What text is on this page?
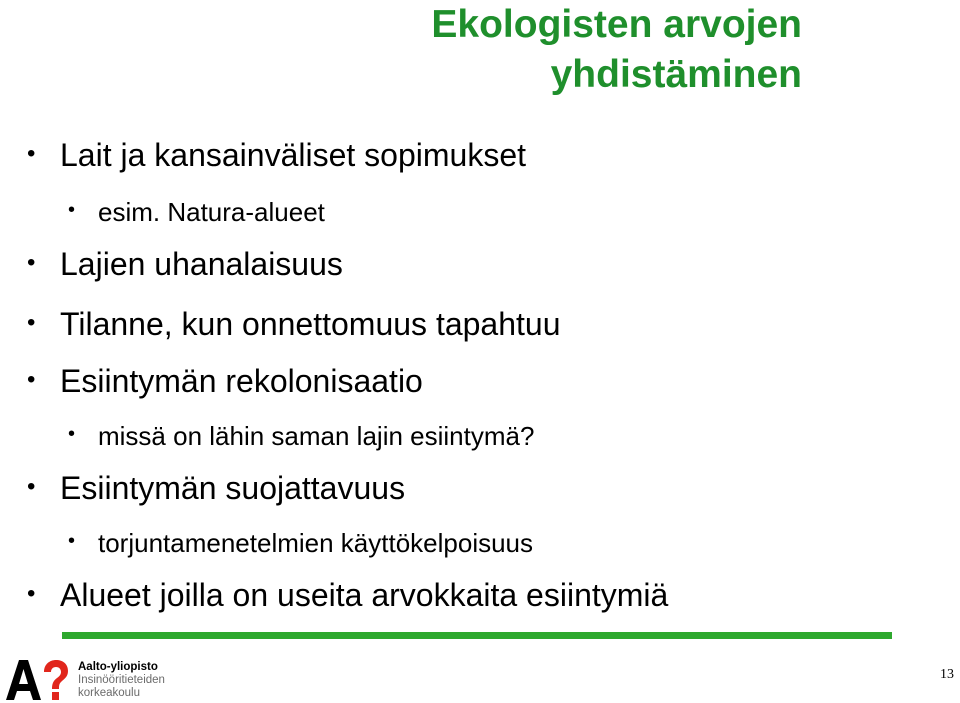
Ekologisten arvojen
yhdistäminen
• Lait ja kansainväliset sopimukset
• esim. Natura-alueet
• Lajien uhanalaisuus
• Tilanne, kun onnettomuus tapahtuu
• Esiintymän rekolonisaatio
• missä on lähin saman lajin esiintymä?
• Esiintymän suojattavuus
• torjuntamenetelmien käyttökelpoisuus
• Alueet joilla on useita arvokkaita esiintymiä
Aalto-yliopisto
Insinööritieteiden
korkeakoulu
13
